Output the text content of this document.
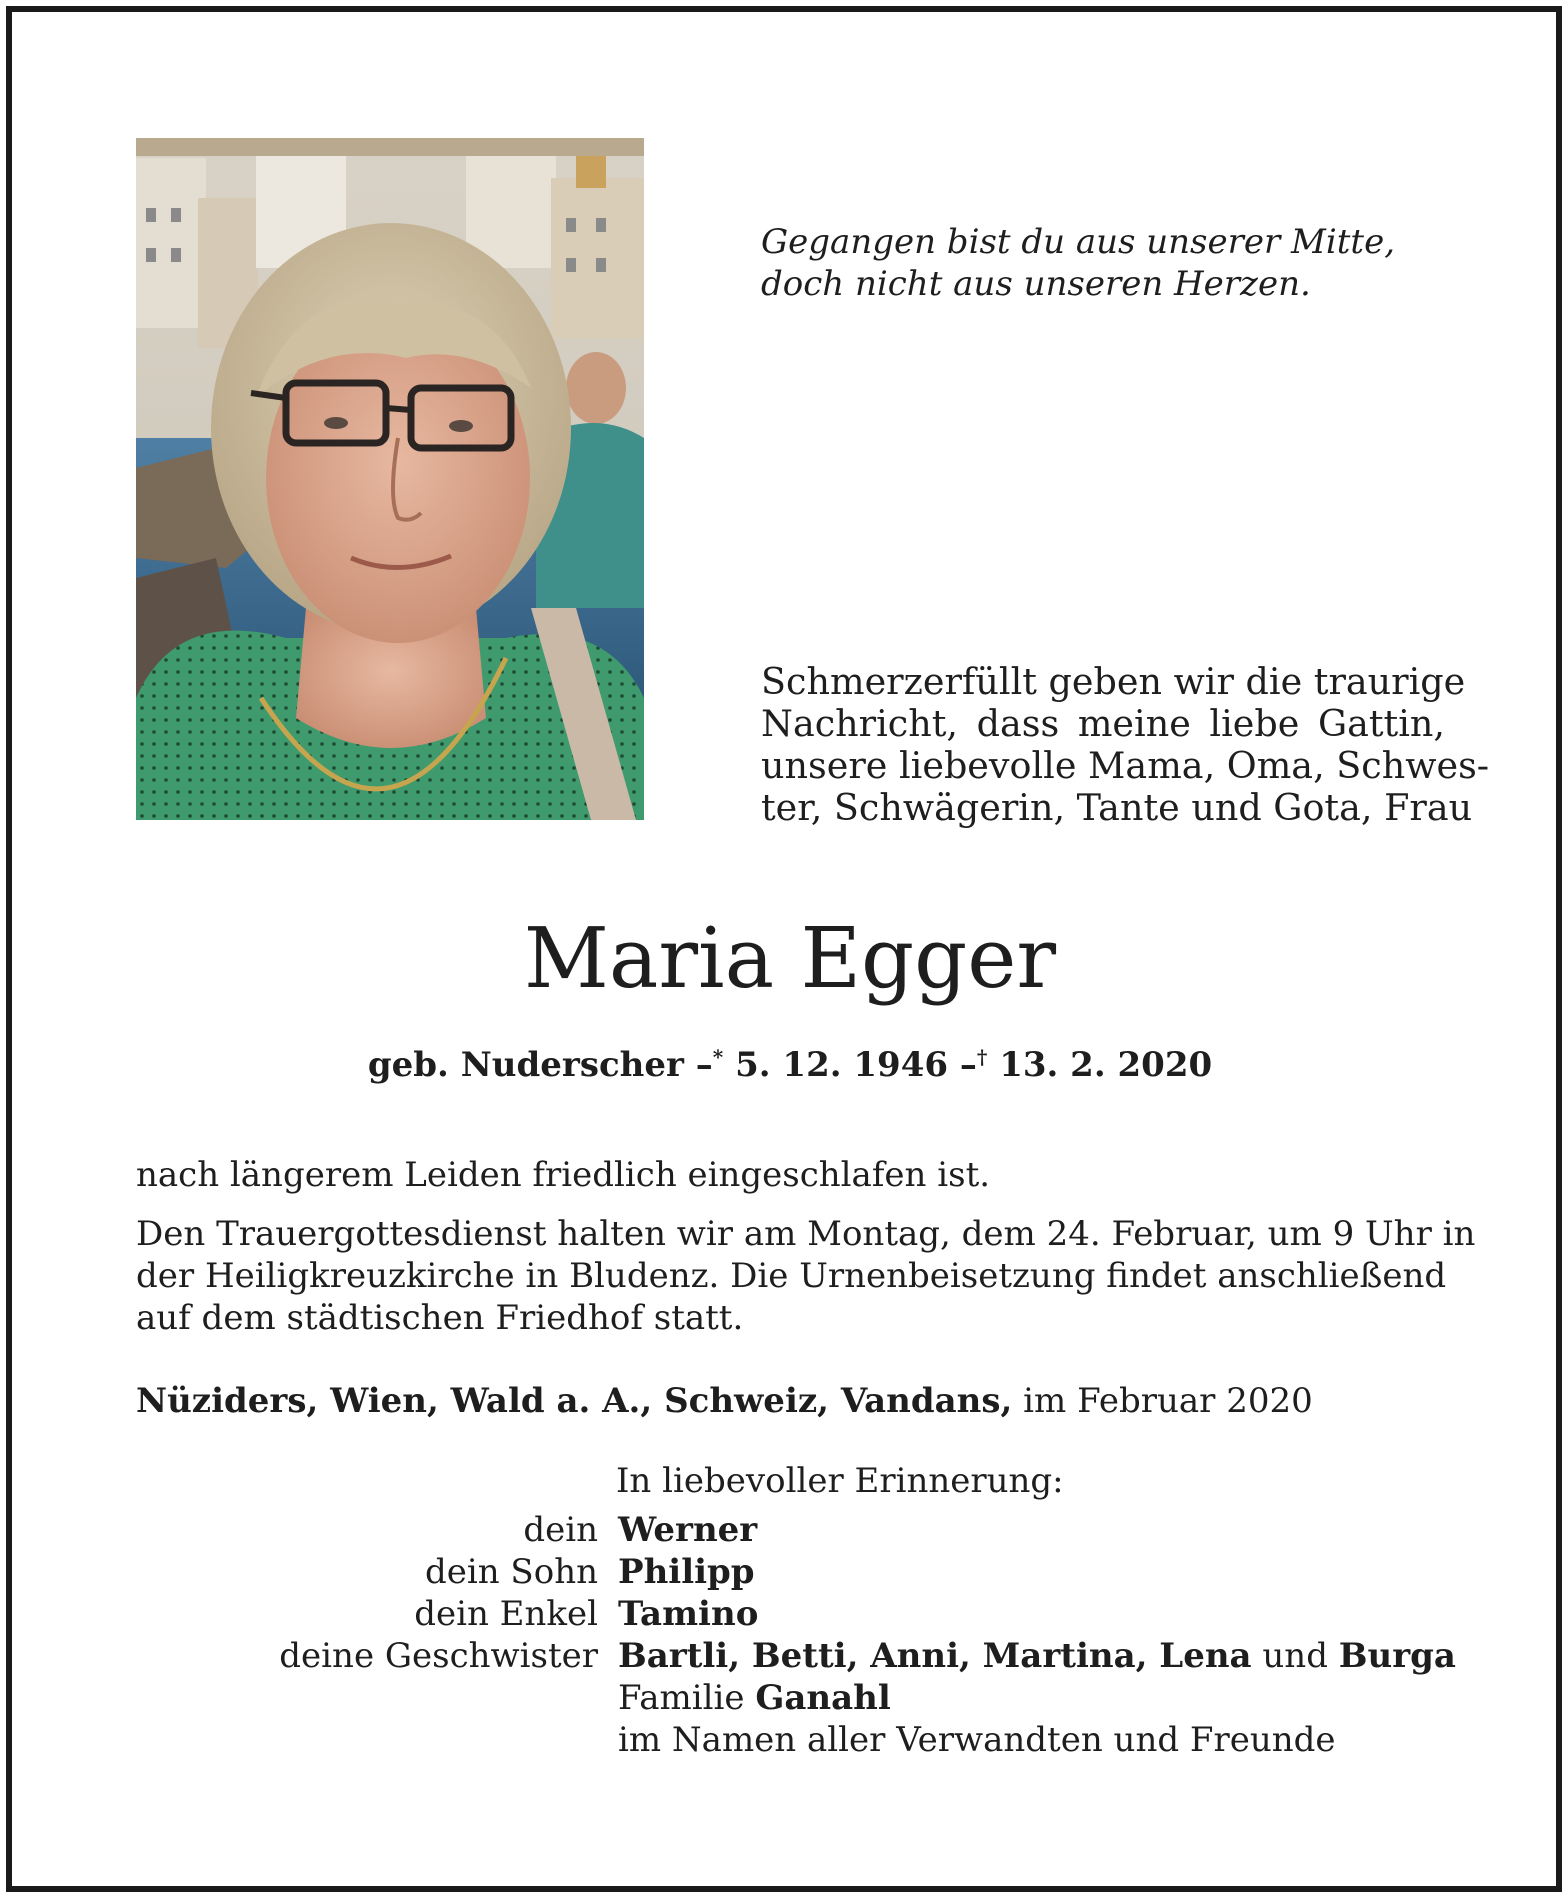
Gegangen bist du aus unserer Mitte,
doch nicht aus unseren Herzen.
Schmerzerfüllt geben wir die traurige
Nachricht, dass meine liebe Gattin,
unsere liebevolle Mama, Oma, Schwes-
ter, Schwägerin, Tante und Gota, Frau
Maria Egger
geb. Nuderscher –* 5. 12. 1946 –† 13. 2. 2020
nach längerem Leiden friedlich eingeschlafen ist.
Den Trauergottesdienst halten wir am Montag, dem 24. Februar, um 9 Uhr in
der Heiligkreuzkirche in Bludenz. Die Urnenbeisetzung findet anschließend
auf dem städtischen Friedhof statt.
Nüziders, Wien, Wald a. A., Schweiz, Vandans, im Februar 2020
In liebevoller Erinnerung:
dein Werner
dein Sohn Philipp
dein Enkel Tamino
deine Geschwister Bartli, Betti, Anni, Martina, Lena und Burga
Familie Ganahl
im Namen aller Verwandten und Freunde
